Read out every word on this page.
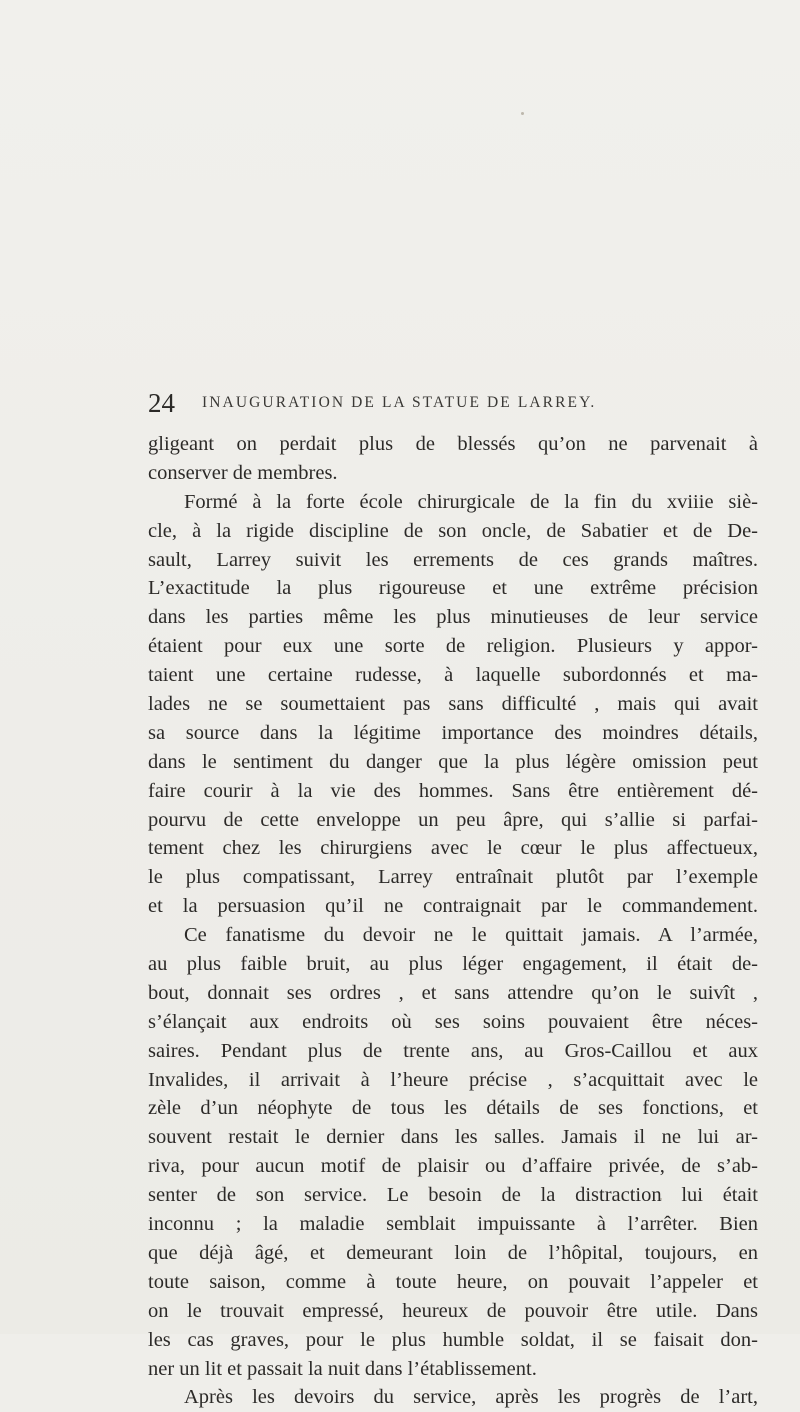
24 INAUGURATION DE LA STATUE DE LARREY.
gligeant on perdait plus de blessés qu’on ne parvenait à
conserver de membres.
Formé à la forte école chirurgicale de la fin du xviiie siè-
cle, à la rigide discipline de son oncle, de Sabatier et de De-
sault, Larrey suivit les errements de ces grands maîtres.
L’exactitude la plus rigoureuse et une extrême précision
dans les parties même les plus minutieuses de leur service
étaient pour eux une sorte de religion. Plusieurs y appor-
taient une certaine rudesse, à laquelle subordonnés et ma-
lades ne se soumettaient pas sans difficulté , mais qui avait
sa source dans la légitime importance des moindres détails,
dans le sentiment du danger que la plus légère omission peut
faire courir à la vie des hommes. Sans être entièrement dé-
pourvu de cette enveloppe un peu âpre, qui s’allie si parfai-
tement chez les chirurgiens avec le cœur le plus affectueux,
le plus compatissant, Larrey entraînait plutôt par l’exemple
et la persuasion qu’il ne contraignait par le commandement.
Ce fanatisme du devoir ne le quittait jamais. A l’armée,
au plus faible bruit, au plus léger engagement, il était de-
bout, donnait ses ordres , et sans attendre qu’on le suivît ,
s’élançait aux endroits où ses soins pouvaient être néces-
saires. Pendant plus de trente ans, au Gros-Caillou et aux
Invalides, il arrivait à l’heure précise , s’acquittait avec le
zèle d’un néophyte de tous les détails de ses fonctions, et
souvent restait le dernier dans les salles. Jamais il ne lui ar-
riva, pour aucun motif de plaisir ou d’affaire privée, de s’ab-
senter de son service. Le besoin de la distraction lui était
inconnu ; la maladie semblait impuissante à l’arrêter. Bien
que déjà âgé, et demeurant loin de l’hôpital, toujours, en
toute saison, comme à toute heure, on pouvait l’appeler et
on le trouvait empressé, heureux de pouvoir être utile. Dans
les cas graves, pour le plus humble soldat, il se faisait don-
ner un lit et passait la nuit dans l’établissement.
Après les devoirs du service, après les progrès de l’art,
